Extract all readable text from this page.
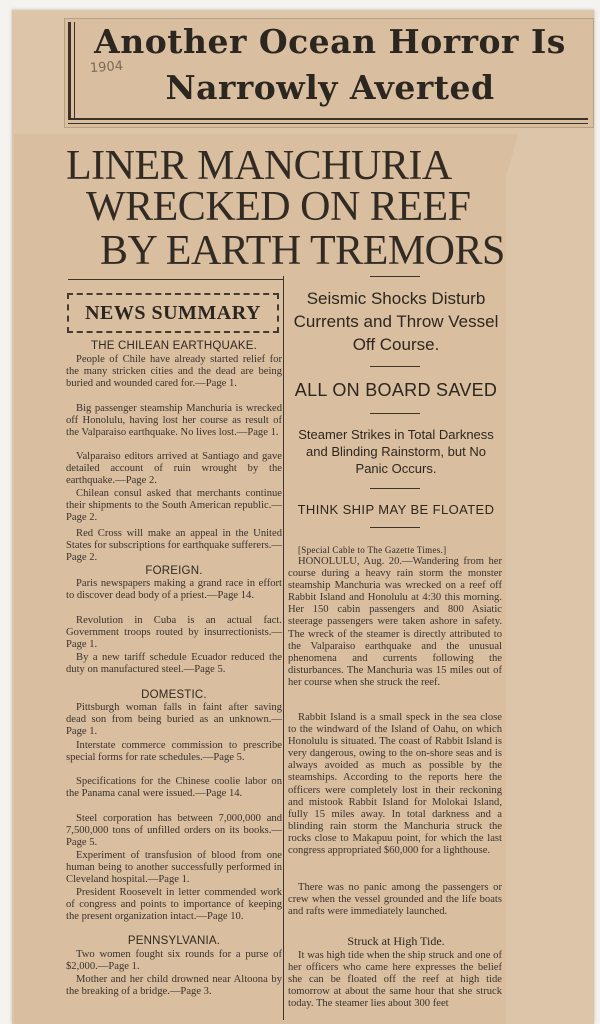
Another Ocean Horror Is
Narrowly Averted
1904
LINER MANCHURIA
WRECKED ON REEF
BY EARTH TREMORS
NEWS SUMMARY
THE CHILEAN EARTHQUAKE.
People of Chile have already started relief for the many stricken cities and the dead are being buried and wounded cared for.—Page 1.
Big passenger steamship Manchuria is wrecked off Honolulu, having lost her course as result of the Valparaiso earthquake. No lives lost.—Page 1.
Valparaiso editors arrived at Santiago and gave detailed account of ruin wrought by the earthquake.—Page 2.
Chilean consul asked that merchants continue their shipments to the South American republic.—Page 2.
Red Cross will make an appeal in the United States for subscriptions for earthquake sufferers.—Page 2.
FOREIGN.
Paris newspapers making a grand race in effort to discover dead body of a priest.—Page 14.
Revolution in Cuba is an actual fact. Government troops routed by insurrectionists.—Page 1.
By a new tariff schedule Ecuador reduced the duty on manufactured steel.—Page 5.
DOMESTIC.
Pittsburgh woman falls in faint after saving dead son from being buried as an unknown.—Page 1.
Interstate commerce commission to prescribe special forms for rate schedules.—Page 5.
Specifications for the Chinese coolie labor on the Panama canal were issued.—Page 14.
Steel corporation has between 7,000,000 and 7,500,000 tons of unfilled orders on its books.—Page 5.
Experiment of transfusion of blood from one human being to another successfully performed in Cleveland hospital.—Page 1.
President Roosevelt in letter commended work of congress and points to importance of keeping the present organization intact.—Page 10.
PENNSYLVANIA.
Two women fought six rounds for a purse of $2,000.—Page 1.
Mother and her child drowned near Altoona by the breaking of a bridge.—Page 3.
Seismic Shocks Disturb Currents and Throw Vessel Off Course.
ALL ON BOARD SAVED
Steamer Strikes in Total Darkness and Blinding Rainstorm, but No Panic Occurs.
THINK SHIP MAY BE FLOATED
[Special Cable to The Gazette Times.]
HONOLULU, Aug. 20.—Wandering from her course during a heavy rain storm the monster steamship Manchuria was wrecked on a reef off Rabbit Island and Honolulu at 4:30 this morning. Her 150 cabin passengers and 800 Asiatic steerage passengers were taken ashore in safety. The wreck of the steamer is directly attributed to the Valparaiso earthquake and the unusual phenomena and currents following the disturbances. The Manchuria was 15 miles out of her course when she struck the reef.
Rabbit Island is a small speck in the sea close to the windward of the Island of Oahu, on which Honolulu is situated. The coast of Rabbit Island is very dangerous, owing to the on-shore seas and is always avoided as much as possible by the steamships. According to the reports here the officers were completely lost in their reckoning and mistook Rabbit Island for Molokai Island, fully 15 miles away. In total darkness and a blinding rain storm the Manchuria struck the rocks close to Makapuu point, for which the last congress appropriated $60,000 for a lighthouse.
There was no panic among the passengers or crew when the vessel grounded and the life boats and rafts were immediately launched.
Struck at High Tide.
It was high tide when the ship struck and one of her officers who came here expresses the belief she can be floated off the reef at high tide tomorrow at about the same hour that she struck today. The steamer lies about 300 feet
